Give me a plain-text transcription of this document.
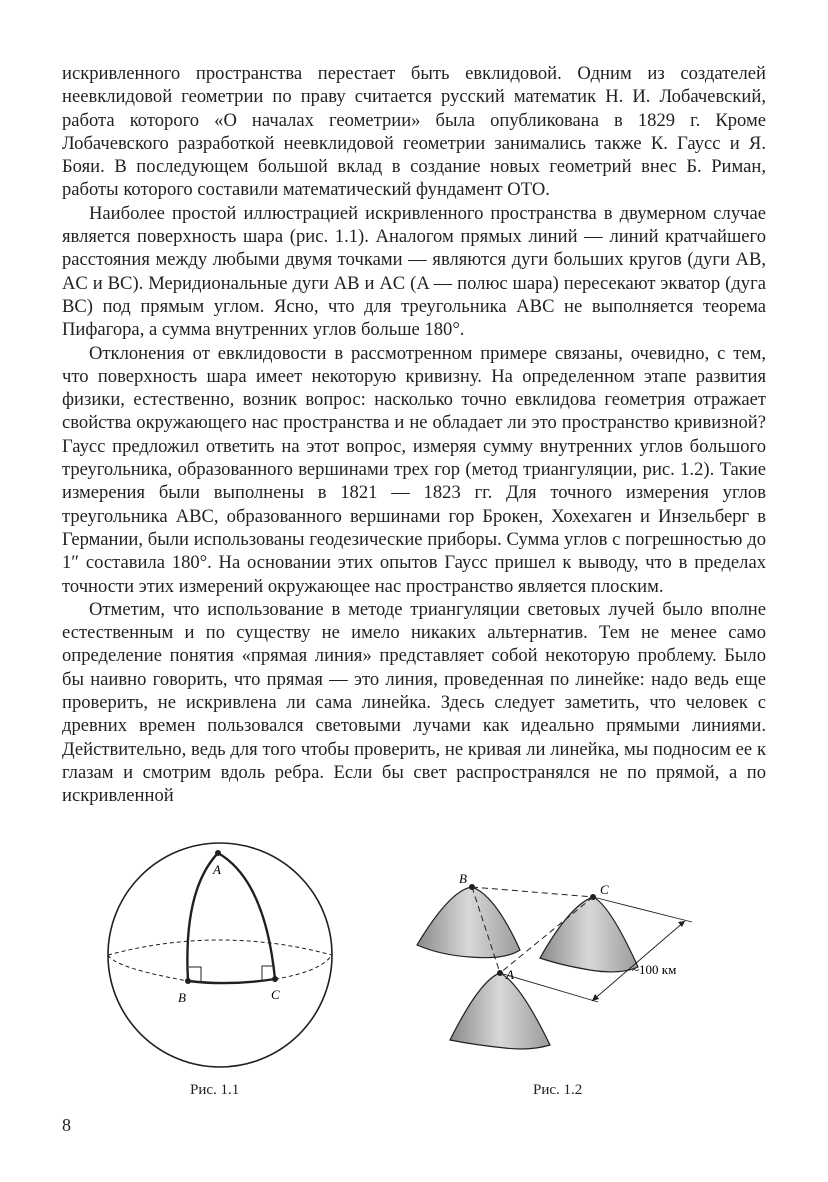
искривленного пространства перестает быть евклидовой. Одним из создателей неевклидовой геометрии по праву считается русский математик Н. И. Лобачевский, работа которого «О началах геометрии» была опубликована в 1829 г. Кроме Лобачевского разработкой неевклидовой геометрии занимались также К. Гаусс и Я. Бояи. В последующем большой вклад в создание новых геометрий внес Б. Риман, работы которого составили математический фундамент ОТО.

Наиболее простой иллюстрацией искривленного пространства в двумерном случае является поверхность шара (рис. 1.1). Аналогом прямых линий — линий кратчайшего расстояния между любыми двумя точками — являются дуги больших кругов (дуги AB, AC и BC). Меридиональные дуги AB и AC (A — полюс шара) пересекают экватор (дуга BC) под прямым углом. Ясно, что для треугольника ABC не выполняется теорема Пифагора, а сумма внутренних углов больше 180°.

Отклонения от евклидовости в рассмотренном примере связаны, очевидно, с тем, что поверхность шара имеет некоторую кривизну. На определенном этапе развития физики, естественно, возник вопрос: насколько точно евклидова геометрия отражает свойства окружающего нас пространства и не обладает ли это пространство кривизной? Гаусс предложил ответить на этот вопрос, измеряя сумму внутренних углов большого треугольника, образованного вершинами трех гор (метод триангуляции, рис. 1.2). Такие измерения были выполнены в 1821 — 1823 гг. Для точного измерения углов треугольника ABC, образованного вершинами гор Брокен, Хохехаген и Инзельберг в Германии, были использованы геодезические приборы. Сумма углов с погрешностью до 1″ составила 180°. На основании этих опытов Гаусс пришел к выводу, что в пределах точности этих измерений окружающее нас пространство является плоским.

Отметим, что использование в методе триангуляции световых лучей было вполне естественным и по существу не имело никаких альтернатив. Тем не менее само определение понятия «прямая линия» представляет собой некоторую проблему. Было бы наивно говорить, что прямая — это линия, проведенная по линейке: надо ведь еще проверить, не искривлена ли сама линейка. Здесь следует заметить, что человек с древних времен пользовался световыми лучами как идеально прямыми линиями. Действительно, ведь для того чтобы проверить, не кривая ли линейка, мы подносим ее к глазам и смотрим вдоль ребра. Если бы свет распространялся не по прямой, а по искривленной

A
B	C
B
C
A	~100 км
Рис. 1.1	Рис. 1.2
8
